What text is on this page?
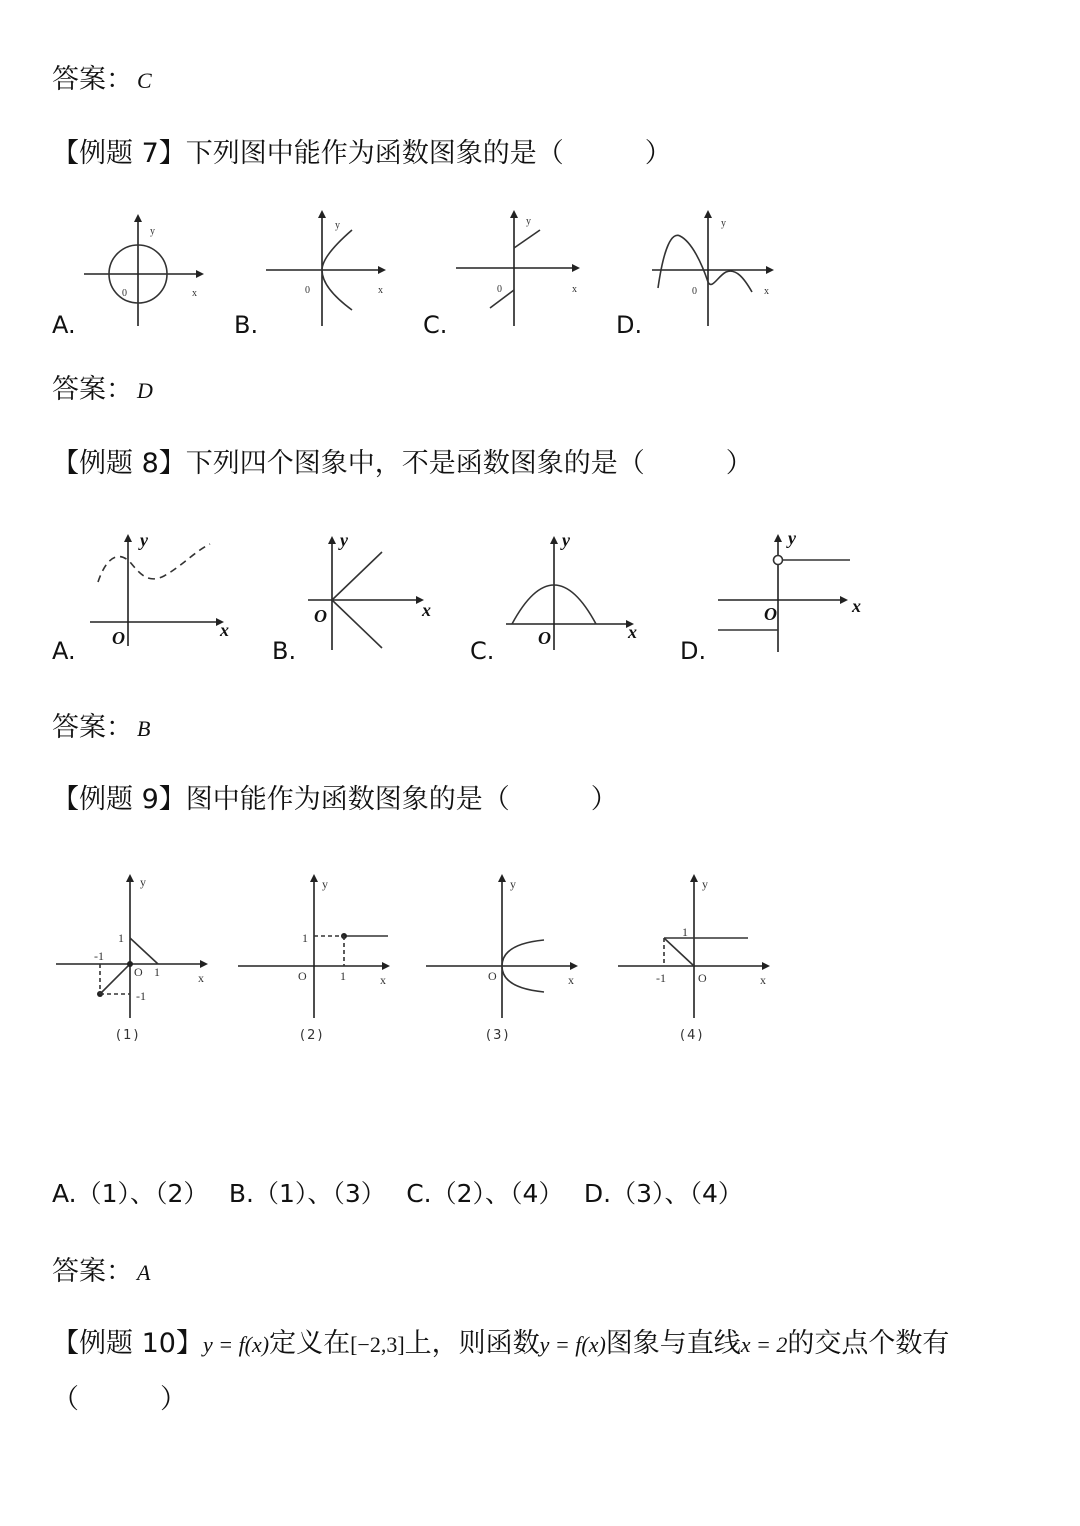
答案： C
【例题 7】下列图中能作为函数图象的是（　　　）
A.	B.	C.	D.
y
x
0
y
x
0
y
x
0
y
x
0
答案： D
【例题 8】下列四个图象中，不是函数图象的是（　　　）
A.	B.	C.	D.
y
x
O
y
x
O
y
x
O
y
x
O
答案： B
【例题 9】图中能作为函数图象的是（　　　）
y
x
O
1
1
-1
-1
(1)
y
x
O
1
1
(2)
y
x
O
(3)
y
x
O
1
-1
(4)
A.（1）、（2）　 B.（1）、（3）　 C.（2）、（4）　 D.（3）、（4）
答案： A
【例题 10】y = f(x)定义在[−2,3]上，则函数y = f(x)图象与直线x = 2的交点个数有
（　　　）
